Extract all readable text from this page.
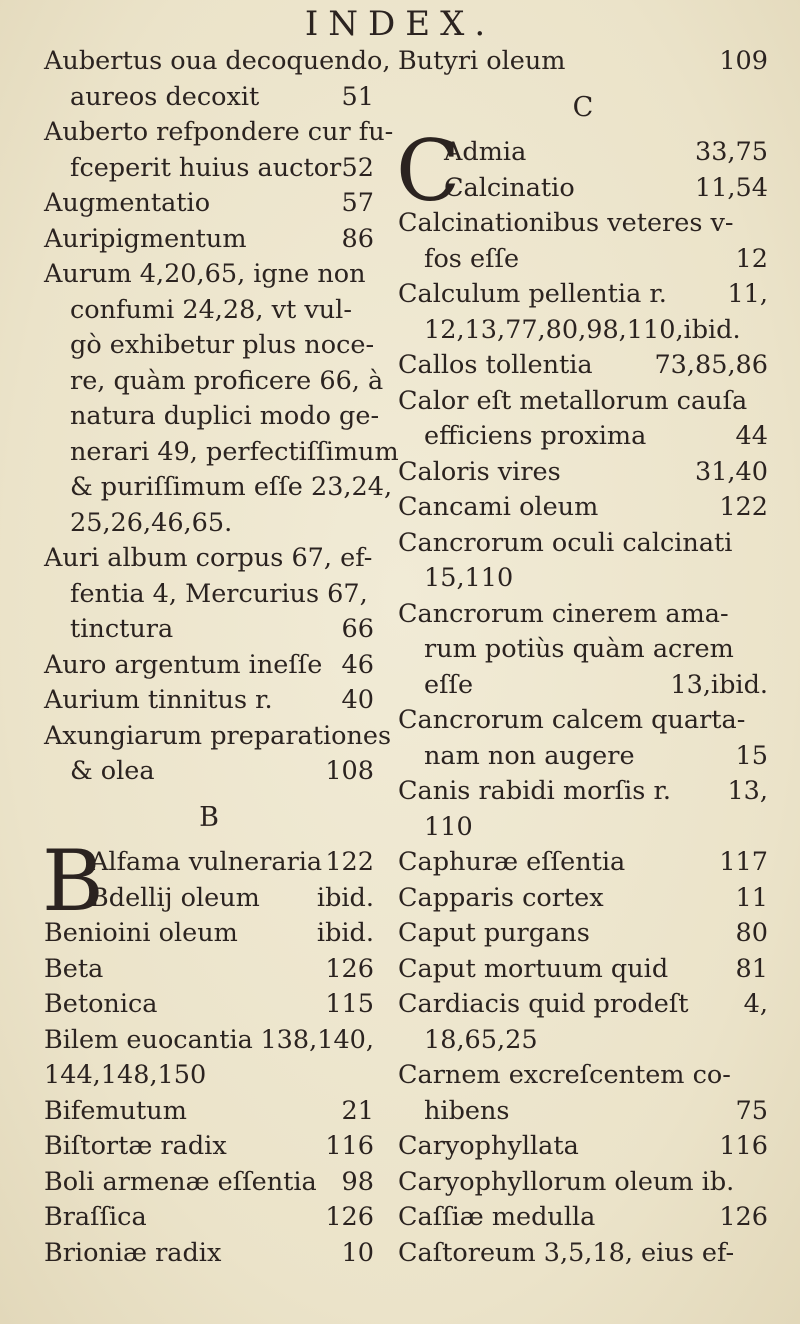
INDEX.
Aubertus oua decoquendo,
aureos decoxit	51
Auberto refpondere cur fu-
fceperit huius auctor 52
Augmentatio	57
Auripigmentum	86
Aurum 4,20,65, igne non
confumi 24,28, vt vul-
gò exhibetur plus noce-
re, quàm proficere 66, à
natura duplici modo ge-
nerari 49, perfectiſſimum
& puriſſimum eſſe 23,24,
25,26,46,65.
Auri album corpus 67, ef-
fentia 4, Mercurius 67,
tinctura	66
Auro argentum ineſſe 46
Aurium tinnitus r.	40
Axungiarum preparationes
& olea	108
B
B
Alfama vulneraria 122
Bdellij oleum ibid.
Benioini oleum	ibid.
Beta	126
Betonica	115
Bilem euocantia 138,140,
144,148,150
Bifemutum	21
Biſtortæ radix	116
Boli armenæ eſſentia 98
Braſſica	126
Brioniæ radix	10
Butyri oleum	109
C
C
Admia	33,75
Calcinatio	11,54
Calcinationibus veteres v-
fos eſſe	12
Calculum pellentia r. 11,
12,13,77,80,98,110,ibid.
Callos tollentia 73,85,86
Calor eſt metallorum cauſa
efficiens proxima	44
Caloris vires	31,40
Cancami oleum	122
Cancrorum oculi calcinati
15,110
Cancrorum cinerem ama-
rum potiùs quàm acrem
eſſe	13,ibid.
Cancrorum calcem quarta-
nam non augere	15
Canis rabidi morſis r. 13,
110
Caphuræ eſſentia	117
Capparis cortex	11
Caput purgans	80
Caput mortuum quid	81
Cardiacis quid prodeſt 4,
18,65,25
Carnem excreſcentem co-
hibens	75
Caryophyllata	116
Caryophyllorum oleum ib.
Caſſiæ medulla	126
Caſtoreum 3,5,18, eius ef-
